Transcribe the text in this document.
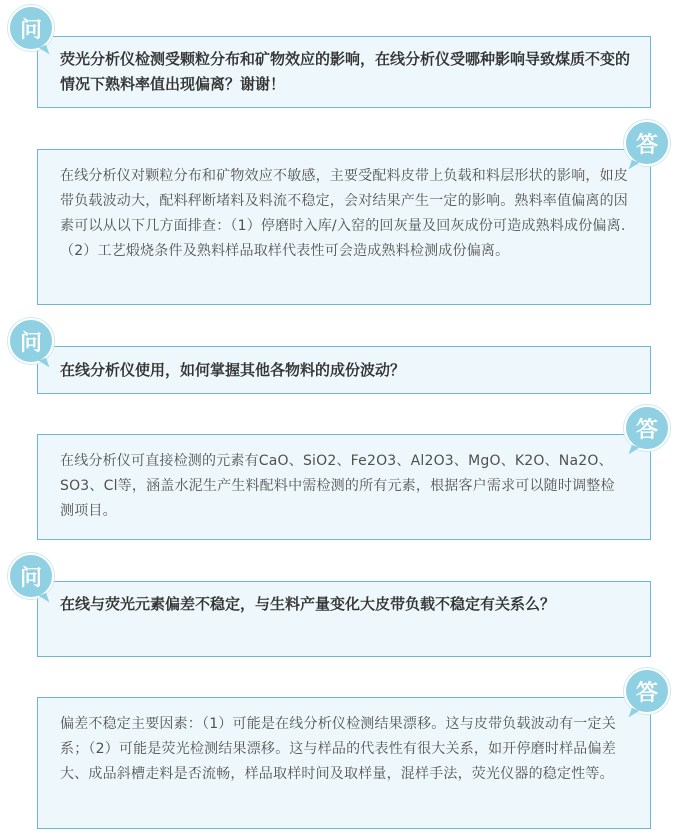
荧光分析仪检测受颗粒分布和矿物效应的影响，在线分析仪受哪种影响导致煤质不变的情况下熟料率值出现偏离？谢谢！
问
在线分析仪对颗粒分布和矿物效应不敏感，主要受配料皮带上负载和料层形状的影响，如皮带负载波动大，配料秤断堵料及料流不稳定，会对结果产生一定的影响。熟料率值偏离的因素可以从以下几方面排查：（1）停磨时入库/入窑的回灰量及回灰成份可造成熟料成份偏离.（2）工艺煅烧条件及熟料样品取样代表性可会造成熟料检测成份偏离。
答
在线分析仪使用，如何掌握其他各物料的成份波动？
问
在线分析仪可直接检测的元素有CaO、SiO2、Fe2O3、Al2O3、MgO、K2O、Na2O、SO3、Cl等，涵盖水泥生产生料配料中需检测的所有元素，根据客户需求可以随时调整检测项目。
答
在线与荧光元素偏差不稳定，与生料产量变化大皮带负载不稳定有关系么？
问
偏差不稳定主要因素：（1）可能是在线分析仪检测结果漂移。这与皮带负载波动有一定关系；（2）可能是荧光检测结果漂移。这与样品的代表性有很大关系，如开停磨时样品偏差大、成品斜槽走料是否流畅，样品取样时间及取样量，混样手法，荧光仪器的稳定性等。
答
